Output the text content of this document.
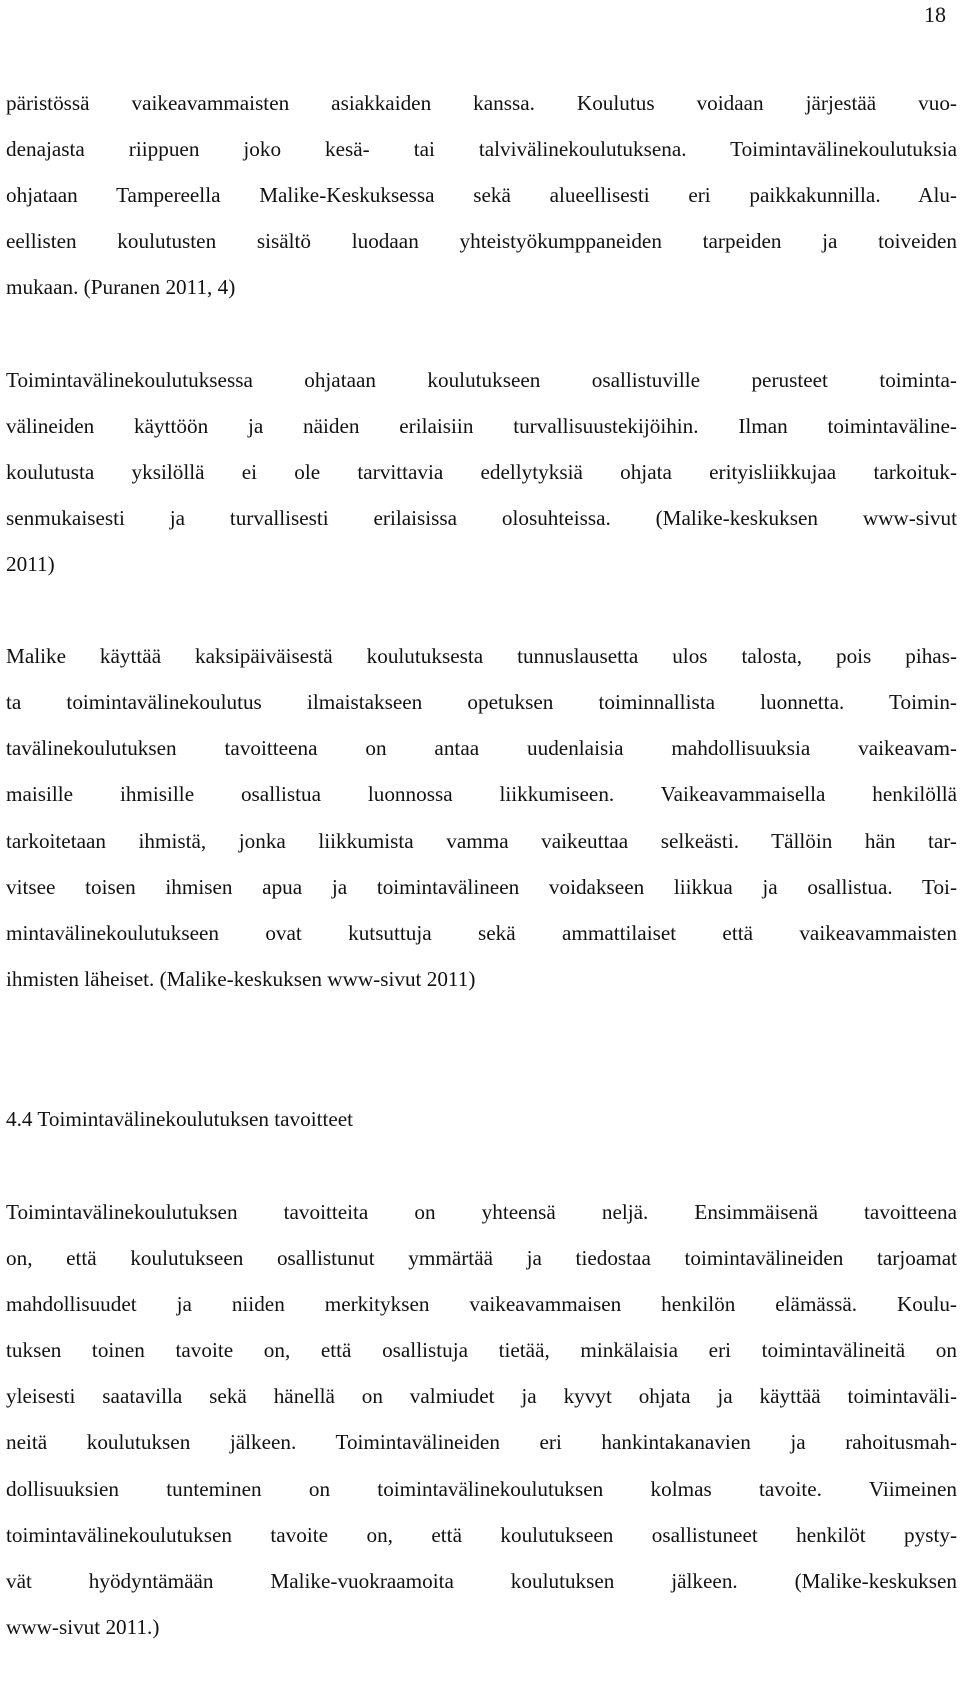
18
päristössä vaikeavammaisten asiakkaiden kanssa. Koulutus voidaan järjestää vuo-
denajasta riippuen joko kesä- tai talvivälinekoulutuksena. Toimintavälinekoulutuksia
ohjataan Tampereella Malike-Keskuksessa sekä alueellisesti eri paikkakunnilla. Alu-
eellisten koulutusten sisältö luodaan yhteistyökumppaneiden tarpeiden ja toiveiden
mukaan. (Puranen 2011, 4)
Toimintavälinekoulutuksessa ohjataan koulutukseen osallistuville perusteet toiminta-
välineiden käyttöön ja näiden erilaisiin turvallisuustekijöihin. Ilman toimintaväline-
koulutusta yksilöllä ei ole tarvittavia edellytyksiä ohjata erityisliikkujaa tarkoituk-
senmukaisesti ja turvallisesti erilaisissa olosuhteissa. (Malike-keskuksen www-sivut
2011)
Malike käyttää kaksipäiväisestä koulutuksesta tunnuslausetta ulos talosta, pois pihas-
ta toimintavälinekoulutus ilmaistakseen opetuksen toiminnallista luonnetta. Toimin-
tavälinekoulutuksen tavoitteena on antaa uudenlaisia mahdollisuuksia vaikeavam-
maisille ihmisille osallistua luonnossa liikkumiseen. Vaikeavammaisella henkilöllä
tarkoitetaan ihmistä, jonka liikkumista vamma vaikeuttaa selkeästi. Tällöin hän tar-
vitsee toisen ihmisen apua ja toimintavälineen voidakseen liikkua ja osallistua. Toi-
mintavälinekoulutukseen ovat kutsuttuja sekä ammattilaiset että vaikeavammaisten
ihmisten läheiset. (Malike-keskuksen www-sivut 2011)
4.4 Toimintavälinekoulutuksen tavoitteet
Toimintavälinekoulutuksen tavoitteita on yhteensä neljä. Ensimmäisenä tavoitteena
on, että koulutukseen osallistunut ymmärtää ja tiedostaa toimintavälineiden tarjoamat
mahdollisuudet ja niiden merkityksen vaikeavammaisen henkilön elämässä. Koulu-
tuksen toinen tavoite on, että osallistuja tietää, minkälaisia eri toimintavälineitä on
yleisesti saatavilla sekä hänellä on valmiudet ja kyvyt ohjata ja käyttää toimintaväli-
neitä koulutuksen jälkeen. Toimintavälineiden eri hankintakanavien ja rahoitusmah-
dollisuuksien tunteminen on toimintavälinekoulutuksen kolmas tavoite. Viimeinen
toimintavälinekoulutuksen tavoite on, että koulutukseen osallistuneet henkilöt pysty-
vät hyödyntämään Malike-vuokraamoita koulutuksen jälkeen. (Malike-keskuksen
www-sivut 2011.)
